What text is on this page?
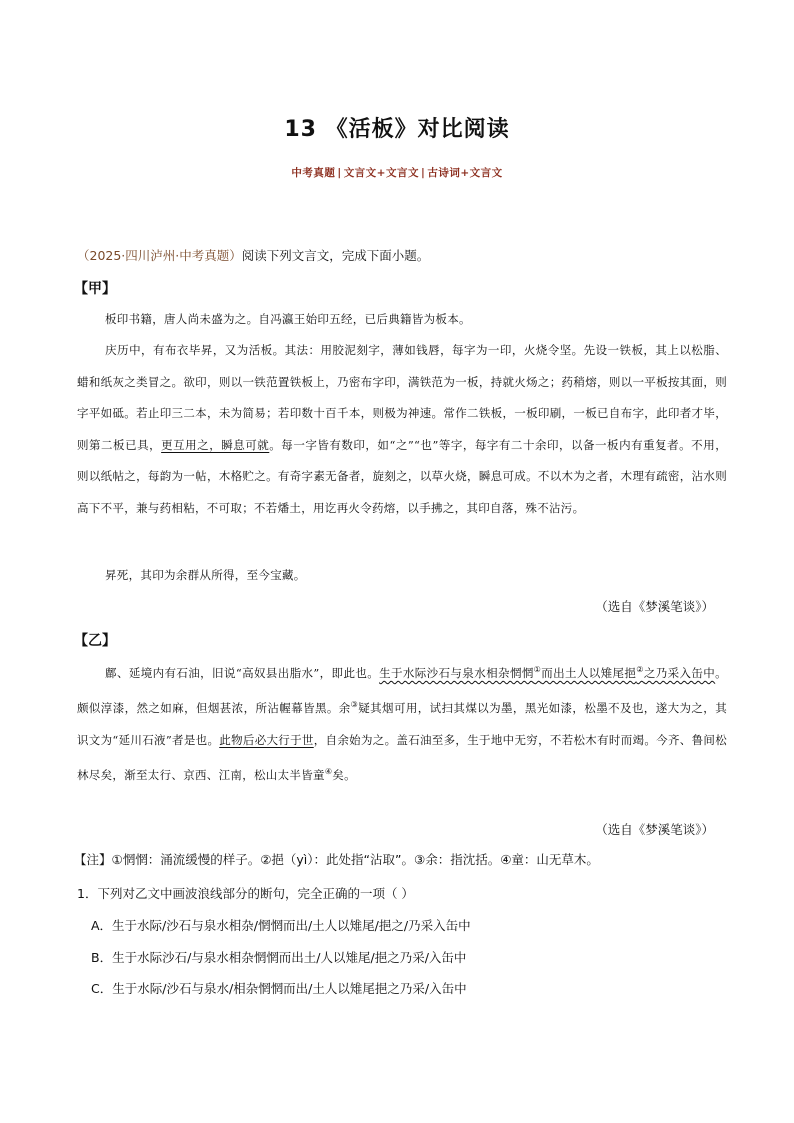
13 《活板》对比阅读
中考真题 | 文言文+文言文 | 古诗词+文言文
（2025·四川泸州·中考真题）阅读下列文言文，完成下面小题。
【甲】
板印书籍，唐人尚未盛为之。自冯瀛王始印五经，已后典籍皆为板本。
庆历中，有布衣毕昇，又为活板。其法：用胶泥刻字，薄如钱唇，每字为一印，火烧令坚。先设一铁板，其上以松脂、蜡和纸灰之类冒之。欲印，则以一铁范置铁板上，乃密布字印，满铁范为一板，持就火炀之；药稍熔，则以一平板按其面，则字平如砥。若止印三二本，未为简易；若印数十百千本，则极为神速。常作二铁板，一板印刷，一板已自布字，此印者才毕，则第二板已具，更互用之，瞬息可就。每一字皆有数印，如“之”“也”等字，每字有二十余印，以备一板内有重复者。不用，则以纸帖之，每韵为一帖，木格贮之。有奇字素无备者，旋刻之，以草火烧，瞬息可成。不以木为之者，木理有疏密，沾水则高下不平，兼与药相粘，不可取；不若燔土，用讫再火令药熔，以手拂之，其印自落，殊不沾污。
昇死，其印为余群从所得，至今宝藏。
（选自《梦溪笔谈》）
【乙】
鄜、延境内有石油，旧说“高奴县出脂水”，即此也。生于水际沙石与泉水相杂惘惘①而出土人以雉尾挹②之乃采入缶中。颇似淳漆，然之如麻，但烟甚浓，所沾幄幕皆黑。余③疑其烟可用，试扫其煤以为墨，黑光如漆，松墨不及也，遂大为之，其识文为“延川石液”者是也。此物后必大行于世，自余始为之。盖石油至多，生于地中无穷，不若松木有时而竭。今齐、鲁间松林尽矣，渐至太行、京西、江南，松山太半皆童④矣。
（选自《梦溪笔谈》）
【注】①惘惘：涌流缓慢的样子。②挹（yì）：此处指“沾取”。③余：指沈括。④童：山无草木。
1．下列对乙文中画波浪线部分的断句，完全正确的一项（ ）
A．生于水际/沙石与泉水相杂/惘惘而出/土人以雉尾/挹之/乃采入缶中
B．生于水际沙石/与泉水相杂惘惘而出土/人以雉尾/挹之乃采/入缶中
C．生于水际/沙石与泉水/相杂惘惘而出/土人以雉尾挹之乃采/入缶中
